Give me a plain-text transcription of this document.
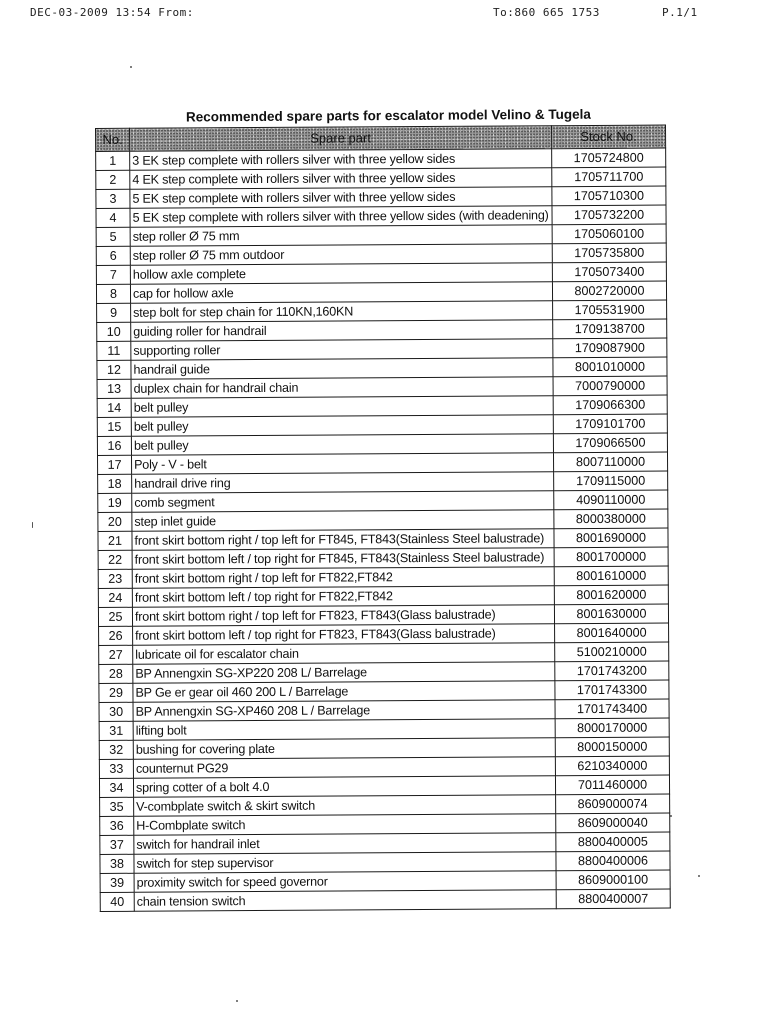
DEC-03-2009 13:54 From:	To:860 665 1753	P.1/1
Recommended spare parts for escalator model Velino & Tugela
No.	Spare part	Stock No.
1	3 EK step complete with rollers silver with three yellow sides	1705724800
2	4 EK step complete with rollers silver with three yellow sides	1705711700
3	5 EK step complete with rollers silver with three yellow sides	1705710300
4	5 EK step complete with rollers silver with three yellow sides (with deadening)	1705732200
5	step roller Ø 75 mm	1705060100
6	step roller Ø 75 mm outdoor	1705735800
7	hollow axle complete	1705073400
8	cap for hollow axle	8002720000
9	step bolt for step chain for 110KN,160KN	1705531900
10	guiding roller for handrail	1709138700
11	supporting roller	1709087900
12	handrail guide	8001010000
13	duplex chain for handrail chain	7000790000
14	belt pulley	1709066300
15	belt pulley	1709101700
16	belt pulley	1709066500
17	Poly - V - belt	8007110000
18	handrail drive ring	1709115000
19	comb segment	4090110000
20	step inlet guide	8000380000
21	front skirt bottom right / top left for FT845, FT843(Stainless Steel balustrade)	8001690000
22	front skirt bottom left / top right for FT845, FT843(Stainless Steel balustrade)	8001700000
23	front skirt bottom right / top left for FT822,FT842	8001610000
24	front skirt bottom left / top right for FT822,FT842	8001620000
25	front skirt bottom right / top left for FT823, FT843(Glass balustrade)	8001630000
26	front skirt bottom left / top right for FT823, FT843(Glass balustrade)	8001640000
27	lubricate oil for escalator chain	5100210000
28	BP Annengxin SG-XP220 208 L/ Barrelage	1701743200
29	BP Ge er gear oil 460 200 L / Barrelage	1701743300
30	BP Annengxin SG-XP460 208 L / Barrelage	1701743400
31	lifting bolt	8000170000
32	bushing for covering plate	8000150000
33	counternut PG29	6210340000
34	spring cotter of a bolt 4.0	7011460000
35	V-combplate switch & skirt switch	8609000074
36	H-Combplate switch	8609000040
37	switch for handrail inlet	8800400005
38	switch for step supervisor	8800400006
39	proximity switch for speed governor	8609000100
40	chain tension switch	8800400007
